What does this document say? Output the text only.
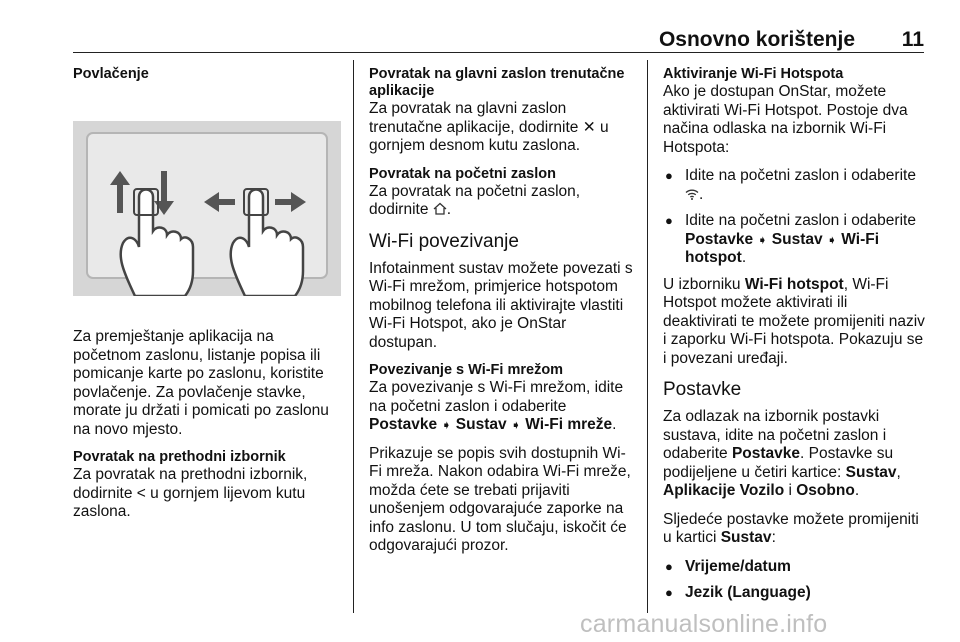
Osnovno korištenje 11
Povlačenje

Za premještanje aplikacija na početnom zaslonu, listanje popisa ili pomicanje karte po zaslonu, koristite povlačenje. Za povlačenje stavke, morate ju držati i pomicati po zaslonu na novo mjesto.

Povratak na prethodni izbornik

Za povratak na prethodni izbornik, dodirnite < u gornjem lijevom kutu zaslona.

Povratak na glavni zaslon trenutačne aplikacije

Za povratak na glavni zaslon trenutačne aplikacije, dodirnite ✕ u gornjem desnom kutu zaslona.

Povratak na početni zaslon

Za povratak na početni zaslon, dodirnite .

Wi-Fi povezivanje

Infotainment sustav možete povezati s Wi-Fi mrežom, primjerice hotspotom mobilnog telefona ili aktivirajte vlastiti Wi-Fi Hotspot, ako je OnStar dostupan.

Povezivanje s Wi-Fi mrežom

Za povezivanje s Wi-Fi mrežom, idite na početni zaslon i odaberite
Postavke ➧ Sustav ➧ Wi-Fi mreže.

Prikazuje se popis svih dostupnih Wi-Fi mreža. Nakon odabira Wi-Fi mreže, možda ćete se trebati prijaviti unošenjem odgovarajuće zaporke na info zaslonu. U tom slučaju, iskočit će odgovarajući prozor.

Aktiviranje Wi-Fi Hotspota

Ako je dostupan OnStar, možete aktivirati Wi-Fi Hotspot. Postoje dva načina odlaska na izbornik Wi-Fi Hotspota:

● Idite na početni zaslon i odaberite
.
● Idite na početni zaslon i odaberite
Postavke ➧ Sustav ➧ Wi-Fi hotspot.

U izborniku Wi-Fi hotspot, Wi-Fi Hotspot možete aktivirati ili deaktivirati te možete promijeniti naziv i zaporku Wi-Fi hotspota. Pokazuju se i povezani uređaji.

Postavke

Za odlazak na izbornik postavki sustava, idite na početni zaslon i odaberite Postavke. Postavke su podijeljene u četiri kartice: Sustav, Aplikacije Vozilo i Osobno.

Sljedeće postavke možete promijeniti u kartici Sustav:

● Vrijeme/datum
● Jezik (Language)
carmanualsonline.info
